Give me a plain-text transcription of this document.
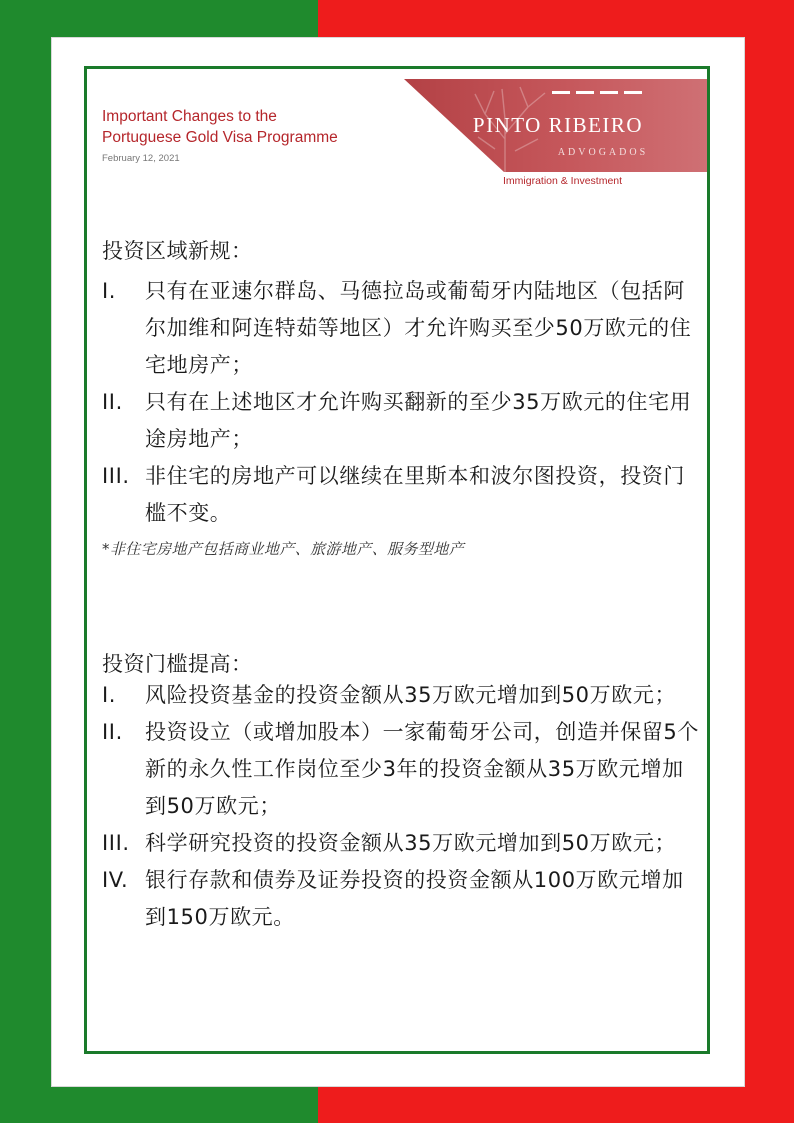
Important Changes to the
Portuguese Gold Visa Programme
February 12, 2021
PINTO RIBEIRO
ADVOGADOS
Immigration & Investment
投资区域新规：
I. 只有在亚速尔群岛、马德拉岛或葡萄牙内陆地区（包括阿尔加维和阿连特茹等地区）才允许购买至少50万欧元的住宅地房产；
II. 只有在上述地区才允许购买翻新的至少35万欧元的住宅用途房地产；
III. 非住宅的房地产可以继续在里斯本和波尔图投资，投资门槛不变。
*非住宅房地产包括商业地产、旅游地产、服务型地产
投资门槛提高：
I. 风险投资基金的投资金额从35万欧元增加到50万欧元；
II. 投资设立（或增加股本）一家葡萄牙公司，创造并保留5个新的永久性工作岗位至少3年的投资金额从35万欧元增加到50万欧元；
III. 科学研究投资的投资金额从35万欧元增加到50万欧元；
IV. 银行存款和债券及证券投资的投资金额从100万欧元增加到150万欧元。
